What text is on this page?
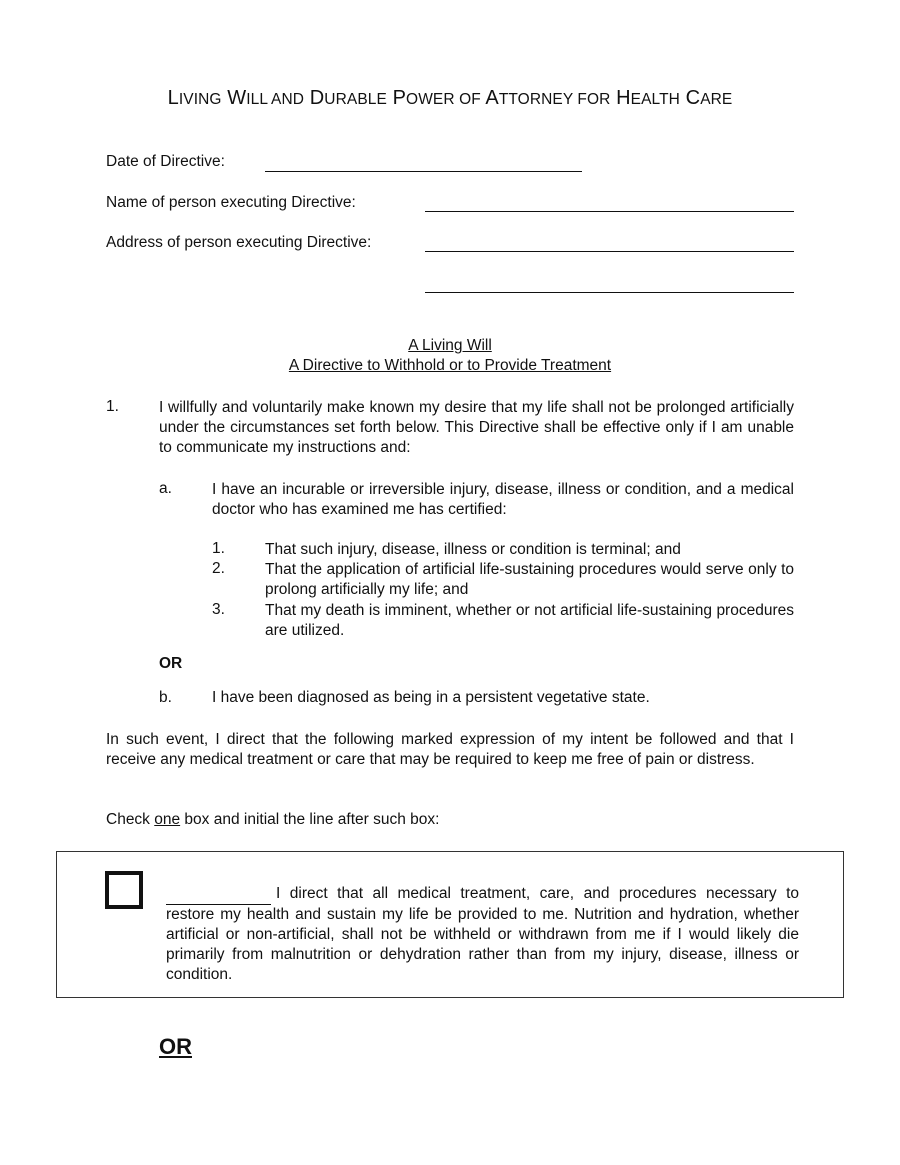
LIVING WILL AND DURABLE POWER OF ATTORNEY FOR HEALTH CARE
Date of Directive:
Name of person executing Directive:
Address of person executing Directive:
A Living Will
A Directive to Withhold or to Provide Treatment
1.	I willfully and voluntarily make known my desire that my life shall not be prolonged artificially under the circumstances set forth below. This Directive shall be effective only if I am unable to communicate my instructions and:
a.	I have an incurable or irreversible injury, disease, illness or condition, and a medical doctor who has examined me has certified:
1.	That such injury, disease, illness or condition is terminal; and
2.	That the application of artificial life-sustaining procedures would serve only to prolong artificially my life; and
3.	That my death is imminent, whether or not artificial life-sustaining procedures are utilized.
OR
b.	I have been diagnosed as being in a persistent vegetative state.
In such event, I direct that the following marked expression of my intent be followed and that I receive any medical treatment or care that may be required to keep me free of pain or distress.
Check one box and initial the line after such box:
I direct that all medical treatment, care, and procedures necessary to restore my health and sustain my life be provided to me. Nutrition and hydration, whether artificial or non-artificial, shall not be withheld or withdrawn from me if I would likely die primarily from malnutrition or dehydration rather than from my injury, disease, illness or condition.
OR
